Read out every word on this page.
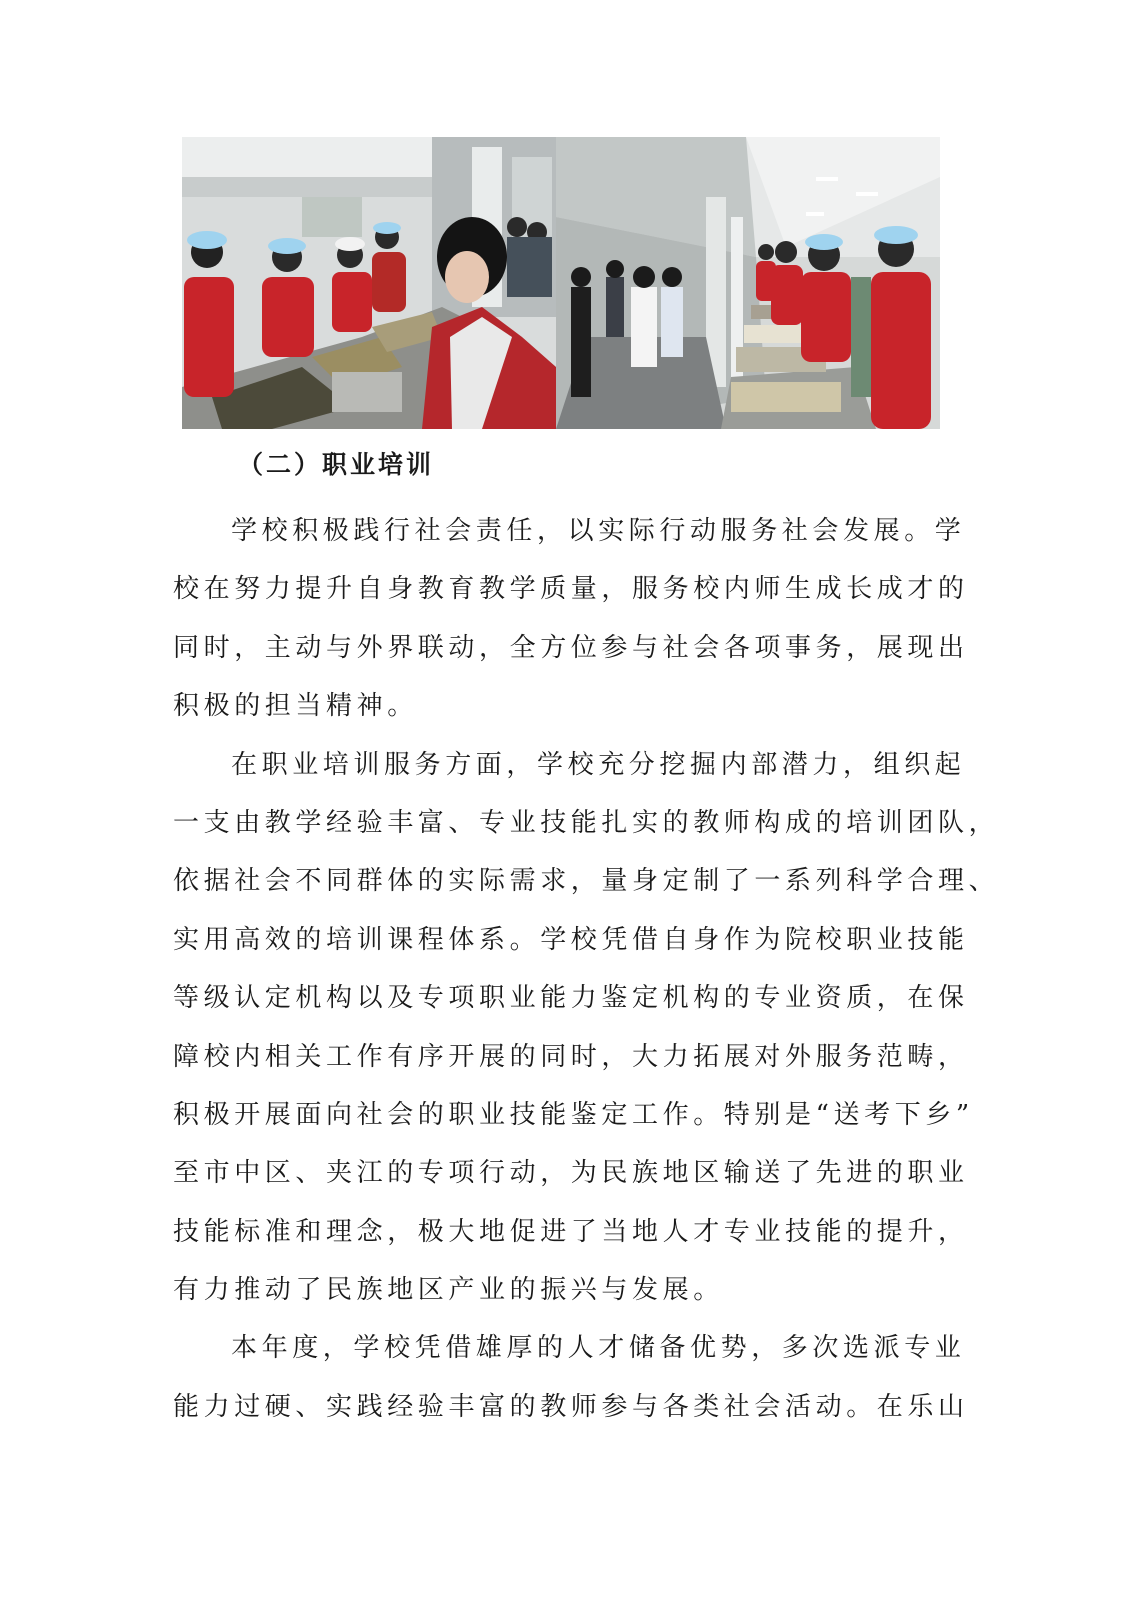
（二）职业培训
学校积极践行社会责任，以实际行动服务社会发展。学
校在努力提升自身教育教学质量，服务校内师生成长成才的
同时，主动与外界联动，全方位参与社会各项事务，展现出
积极的担当精神。
在职业培训服务方面，学校充分挖掘内部潜力，组织起
一支由教学经验丰富、专业技能扎实的教师构成的培训团队，
依据社会不同群体的实际需求，量身定制了一系列科学合理、
实用高效的培训课程体系。学校凭借自身作为院校职业技能
等级认定机构以及专项职业能力鉴定机构的专业资质，在保
障校内相关工作有序开展的同时，大力拓展对外服务范畴，
积极开展面向社会的职业技能鉴定工作。特别是“送考下乡”
至市中区、夹江的专项行动，为民族地区输送了先进的职业
技能标准和理念，极大地促进了当地人才专业技能的提升，
有力推动了民族地区产业的振兴与发展。
本年度，学校凭借雄厚的人才储备优势，多次选派专业
能力过硬、实践经验丰富的教师参与各类社会活动。在乐山
